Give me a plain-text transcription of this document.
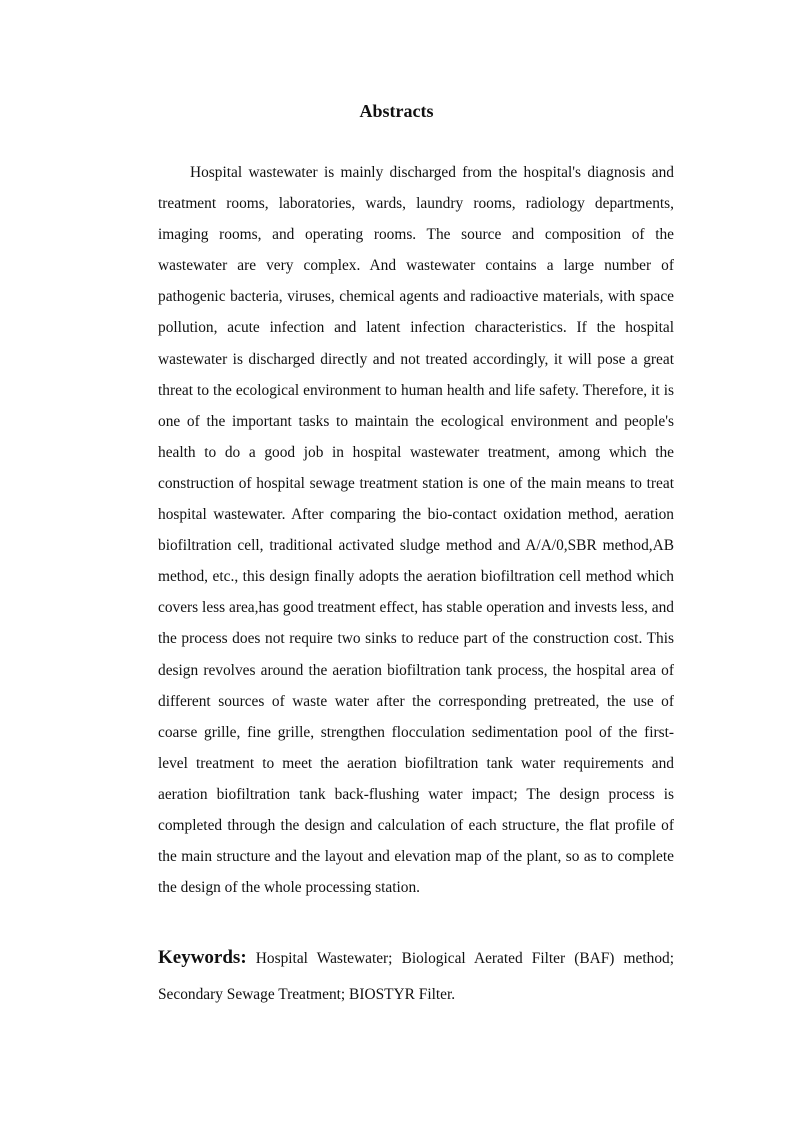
Abstracts

Hospital wastewater is mainly discharged from the hospital's diagnosis and treatment rooms, laboratories, wards, laundry rooms, radiology departments, imaging rooms, and operating rooms. The source and composition of the wastewater are very complex. And wastewater contains a large number of pathogenic bacteria, viruses, chemical agents and radioactive materials, with space pollution, acute infection and latent infection characteristics. If the hospital wastewater is discharged directly and not treated accordingly, it will pose a great threat to the ecological environment to human health and life safety. Therefore, it is one of the important tasks to maintain the ecological environment and people's health to do a good job in hospital wastewater treatment, among which the construction of hospital sewage treatment station is one of the main means to treat hospital wastewater. After comparing the bio-contact oxidation method, aeration biofiltration cell, traditional activated sludge method and A/A/0,SBR method,AB method, etc., this design finally adopts the aeration biofiltration cell method which covers less area,has good treatment effect, has stable operation and invests less, and the process does not require two sinks to reduce part of the construction cost. This design revolves around the aeration biofiltration tank process, the hospital area of different sources of waste water after the corresponding pretreated, the use of coarse grille, fine grille, strengthen flocculation sedimentation pool of the first-level treatment to meet the aeration biofiltration tank water requirements and aeration biofiltration tank back-flushing water impact; The design process is completed through the design and calculation of each structure, the flat profile of the main structure and the layout and elevation map of the plant, so as to complete the design of the whole processing station.

Keywords: Hospital Wastewater; Biological Aerated Filter (BAF) method; Secondary Sewage Treatment; BIOSTYR Filter.
